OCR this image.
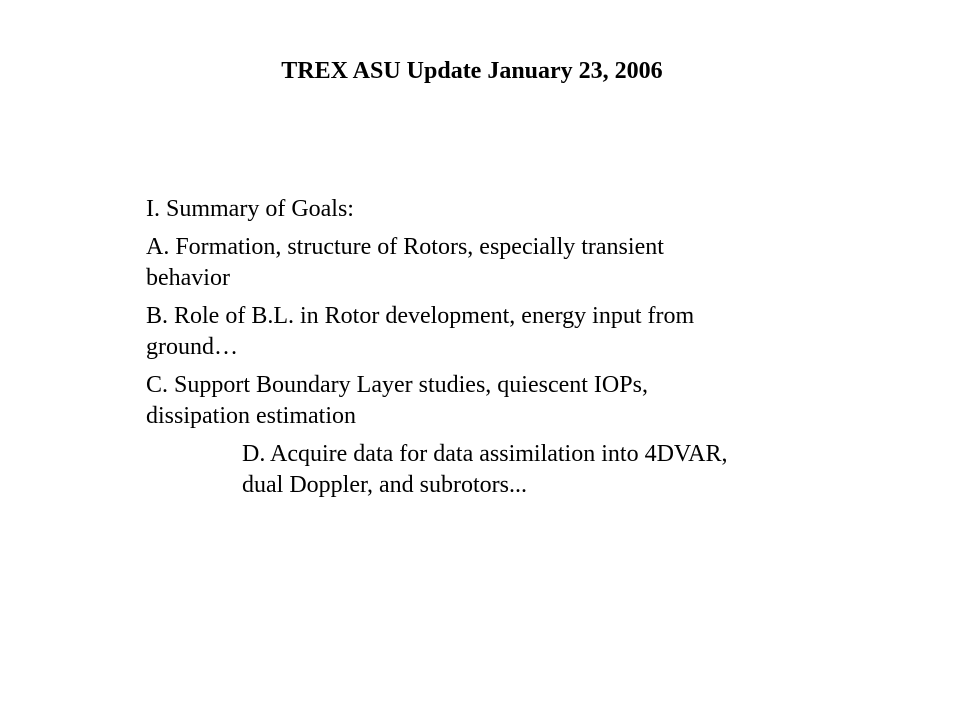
TREX ASU Update January 23, 2006
I. Summary of Goals:
A. Formation, structure of Rotors, especially transient
behavior
B. Role of B.L. in Rotor development, energy input from
ground…
C. Support Boundary Layer studies, quiescent IOPs,
dissipation estimation
D. Acquire data for data assimilation into 4DVAR,
dual Doppler, and subrotors...
